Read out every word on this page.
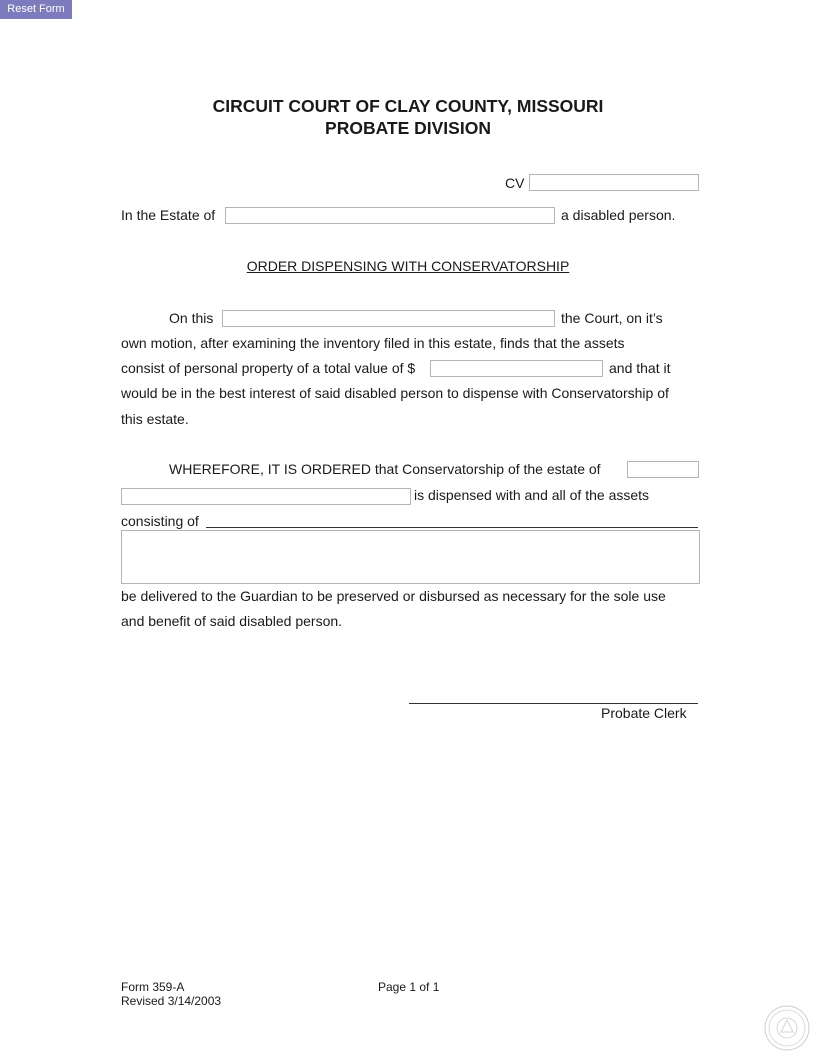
Reset Form
CIRCUIT COURT OF CLAY COUNTY, MISSOURI
PROBATE DIVISION
CV
In the Estate of	a disabled person.
ORDER DISPENSING WITH CONSERVATORSHIP
On this	the Court, on it’s
own motion, after examining the inventory filed in this estate, finds that the assets
consist of personal property of a total value of $	and that it
would be in the best interest of said disabled person to dispense with Conservatorship of
this estate.
WHEREFORE, IT IS ORDERED that Conservatorship of the estate of
is dispensed with and all of the assets
consisting of
be delivered to the Guardian to be preserved or disbursed as necessary for the sole use
and benefit of said disabled person.
Probate Clerk
Form 359-A
Revised 3/14/2003
Page 1 of 1
